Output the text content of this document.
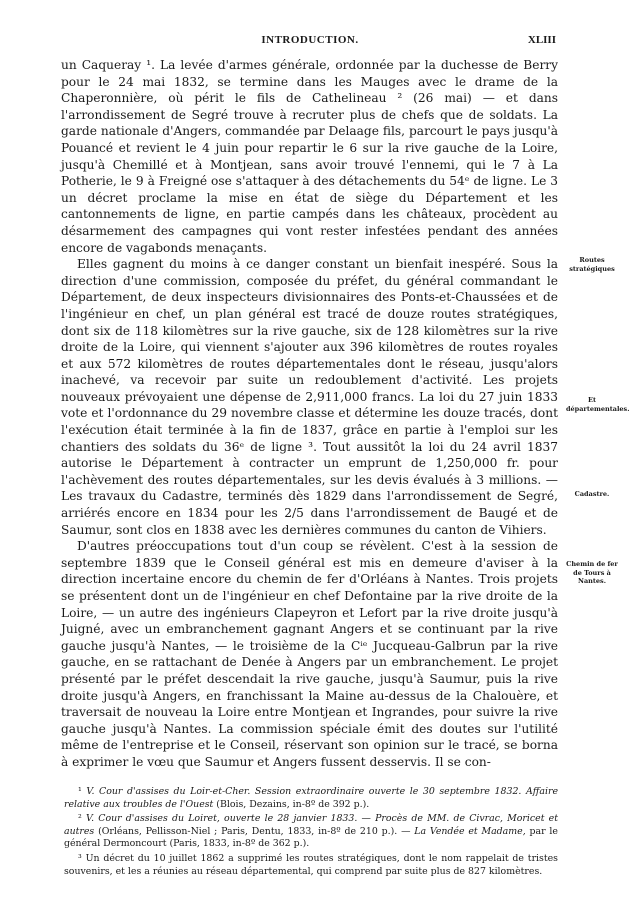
INTRODUCTION.	XLIII

un Caqueray ¹. La levée d'armes générale, ordonnée par la duchesse de Berry pour le 24 mai 1832, se termine dans les Mauges avec le drame de la Chaperonnière, où périt le fils de Cathelineau ² (26 mai) — et dans l'arrondissement de Segré trouve à recruter plus de chefs que de soldats. La garde nationale d'Angers, commandée par Delaage fils, parcourt le pays jusqu'à Pouancé et revient le 4 juin pour repartir le 6 sur la rive gauche de la Loire, jusqu'à Chemillé et à Montjean, sans avoir trouvé l'ennemi, qui le 7 à La Potherie, le 9 à Freigné ose s'attaquer à des détachements du 54ᵉ de ligne. Le 3 un décret proclame la mise en état de siège du Département et les cantonnements de ligne, en partie campés dans les châteaux, procèdent au désarmement des campagnes qui vont rester infestées pendant des années encore de vagabonds menaçants.

Elles gagnent du moins à ce danger constant un bienfait inespéré. Sous la direction d'une commission, composée du préfet, du général commandant le Département, de deux inspecteurs divisionnaires des Ponts-et-Chaussées et de l'ingénieur en chef, un plan général est tracé de douze routes stratégiques, dont six de 118 kilomètres sur la rive gauche, six de 128 kilomètres sur la rive droite de la Loire, qui viennent s'ajouter aux 396 kilomètres de routes royales et aux 572 kilomètres de routes départementales dont le réseau, jusqu'alors inachevé, va recevoir par suite un redoublement d'activité. Les projets nouveaux prévoyaient une dépense de 2,911,000 francs. La loi du 27 juin 1833 vote et l'ordonnance du 29 novembre classe et détermine les douze tracés, dont l'exécution était terminée à la fin de 1837, grâce en partie à l'emploi sur les chantiers des soldats du 36ᵉ de ligne ³. Tout aussitôt la loi du 24 avril 1837 autorise le Département à contracter un emprunt de 1,250,000 fr. pour l'achèvement des routes départementales, sur les devis évalués à 3 millions. — Les travaux du Cadastre, terminés dès 1829 dans l'arrondissement de Segré, arriérés encore en 1834 pour les 2/5 dans l'arrondissement de Baugé et de Saumur, sont clos en 1838 avec les dernières communes du canton de Vihiers.

D'autres préoccupations tout d'un coup se révèlent. C'est à la session de septembre 1839 que le Conseil général est mis en demeure d'aviser à la direction incertaine encore du chemin de fer d'Orléans à Nantes. Trois projets se présentent dont un de l'ingénieur en chef Defontaine par la rive droite de la Loire, — un autre des ingénieurs Clapeyron et Lefort par la rive droite jusqu'à Juigné, avec un embranchement gagnant Angers et se continuant par la rive gauche jusqu'à Nantes, — le troisième de la Cⁱᵉ Jucqueau-Galbrun par la rive gauche, en se rattachant de Denée à Angers par un embranchement. Le projet présenté par le préfet descendait la rive gauche, jusqu'à Saumur, puis la rive droite jusqu'à Angers, en franchissant la Maine au-dessus de la Chalouère, et traversait de nouveau la Loire entre Montjean et Ingrandes, pour suivre la rive gauche jusqu'à Nantes. La commission spéciale émit des doutes sur l'utilité même de l'entreprise et le Conseil, réservant son opinion sur le tracé, se borna à exprimer le vœu que Saumur et Angers fussent desservis. Il se con-

Routes stratégiques
Et départementales.
Cadastre.
Chemin de fer de Tours à Nantes.

¹ V. Cour d'assises du Loir-et-Cher. Session extraordinaire ouverte le 30 septembre 1832. Affaire relative aux troubles de l'Ouest (Blois, Dezains, in-8º de 392 p.).

² V. Cour d'assises du Loiret, ouverte le 28 janvier 1833. — Procès de MM. de Civrac, Moricet et autres (Orléans, Pellisson-Niel ; Paris, Dentu, 1833, in-8º de 210 p.). — La Vendée et Madame, par le général Dermoncourt (Paris, 1833, in-8º de 362 p.).

³ Un décret du 10 juillet 1862 a supprimé les routes stratégiques, dont le nom rappelait de tristes souvenirs, et les a réunies au réseau départemental, qui comprend par suite plus de 827 kilomètres.
